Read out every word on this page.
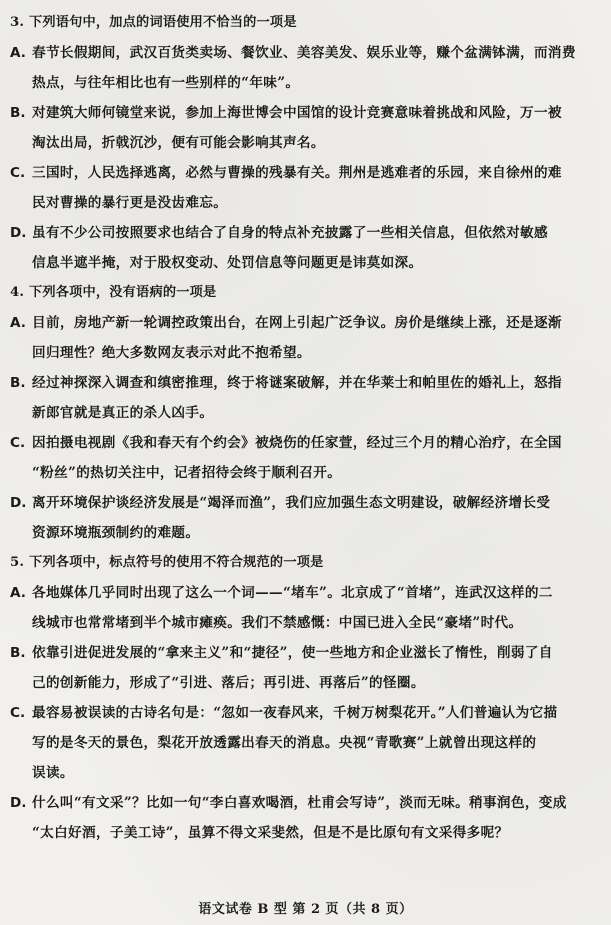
3. 下列语句中，加点的词语使用不恰当的一项是
A. 春节长假期间，武汉百货类卖场、餐饮业、美容美发、娱乐业等，赚个盆满钵满，而消费
热点，与往年相比也有一些别样的“年味”。
B. 对建筑大师何镜堂来说，参加上海世博会中国馆的设计竞赛意味着挑战和风险，万一被
淘汰出局，折戟沉沙，便有可能会影响其声名。
C. 三国时，人民选择逃离，必然与曹操的残暴有关。荆州是逃难者的乐园，来自徐州的难
民对曹操的暴行更是没齿难忘。
D. 虽有不少公司按照要求也结合了自身的特点补充披露了一些相关信息，但依然对敏感
信息半遮半掩，对于股权变动、处罚信息等问题更是讳莫如深。
4. 下列各项中，没有语病的一项是
A. 目前，房地产新一轮调控政策出台，在网上引起广泛争议。房价是继续上涨，还是逐渐
回归理性？绝大多数网友表示对此不抱希望。
B. 经过神探深入调查和缜密推理，终于将谜案破解，并在华莱士和帕里佐的婚礼上，怒指
新郎官就是真正的杀人凶手。
C. 因拍摄电视剧《我和春天有个约会》被烧伤的任家萱，经过三个月的精心治疗，在全国
“粉丝”的热切关注中，记者招待会终于顺利召开。
D. 离开环境保护谈经济发展是“竭泽而渔”，我们应加强生态文明建设，破解经济增长受
资源环境瓶颈制约的难题。
5. 下列各项中，标点符号的使用不符合规范的一项是
A. 各地媒体几乎同时出现了这么一个词——“堵车”。北京成了“首堵”，连武汉这样的二
线城市也常常堵到半个城市瘫痪。我们不禁感慨：中国已进入全民“豪堵”时代。
B. 依靠引进促进发展的“拿来主义”和“捷径”，使一些地方和企业滋长了惰性，削弱了自
己的创新能力，形成了“引进、落后；再引进、再落后”的怪圈。
C. 最容易被误读的古诗名句是：“忽如一夜春风来，千树万树梨花开。”人们普遍认为它描
写的是冬天的景色，梨花开放透露出春天的消息。央视“青歌赛”上就曾出现这样的
误读。
D. 什么叫“有文采”？比如一句“李白喜欢喝酒，杜甫会写诗”，淡而无味。稍事润色，变成
“太白好酒，子美工诗”，虽算不得文采斐然，但是不是比原句有文采得多呢？
语文试卷 B 型 第 2 页（共 8 页）
